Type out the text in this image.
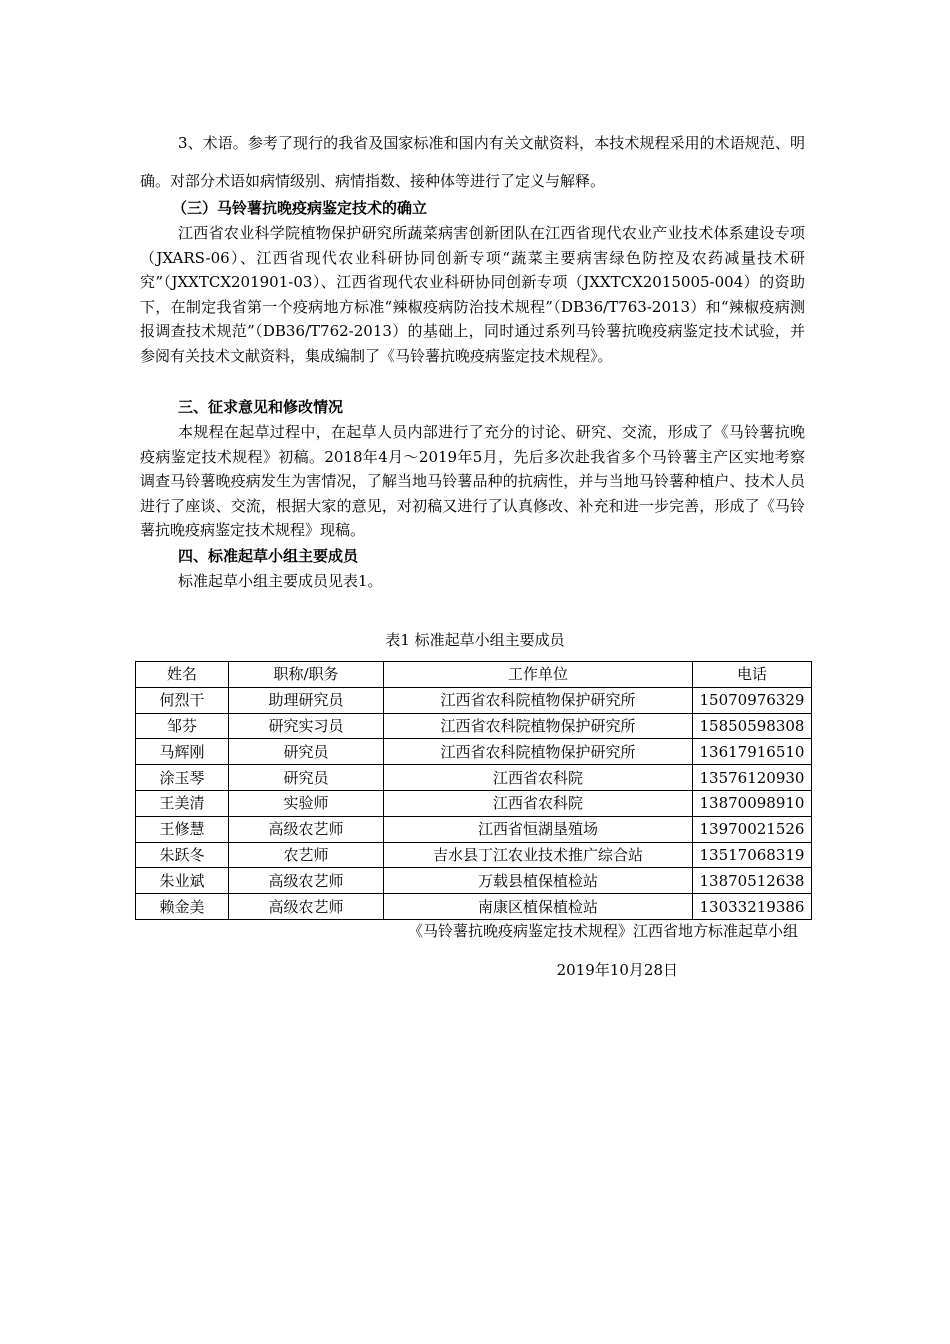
3、术语。参考了现行的我省及国家标准和国内有关文献资料，本技术规程采用的术语规范、明确。对部分术语如病情级别、病情指数、接种体等进行了定义与解释。

（三）马铃薯抗晚疫病鉴定技术的确立

江西省农业科学院植物保护研究所蔬菜病害创新团队在江西省现代农业产业技术体系建设专项（JXARS-06）、江西省现代农业科研协同创新专项“蔬菜主要病害绿色防控及农药减量技术研究”（JXXTCX201901-03）、江西省现代农业科研协同创新专项（JXXTCX2015005-004）的资助下，在制定我省第一个疫病地方标准“辣椒疫病防治技术规程”（DB36/T763-2013）和“辣椒疫病测报调查技术规范”（DB36/T762-2013）的基础上，同时通过系列马铃薯抗晚疫病鉴定技术试验，并参阅有关技术文献资料，集成编制了《马铃薯抗晚疫病鉴定技术规程》。

三、征求意见和修改情况

本规程在起草过程中，在起草人员内部进行了充分的讨论、研究、交流，形成了《马铃薯抗晚疫病鉴定技术规程》初稿。2018年4月～2019年5月，先后多次赴我省多个马铃薯主产区实地考察调查马铃薯晚疫病发生为害情况，了解当地马铃薯品种的抗病性，并与当地马铃薯种植户、技术人员进行了座谈、交流，根据大家的意见，对初稿又进行了认真修改、补充和进一步完善，形成了《马铃薯抗晚疫病鉴定技术规程》现稿。

四、标准起草小组主要成员

标准起草小组主要成员见表1。

表1 标准起草小组主要成员
姓名	职称/职务	工作单位	电话
何烈干	助理研究员	江西省农科院植物保护研究所	15070976329
邹芬	研究实习员	江西省农科院植物保护研究所	15850598308
马辉刚	研究员	江西省农科院植物保护研究所	13617916510
涂玉琴	研究员	江西省农科院	13576120930
王美清	实验师	江西省农科院	13870098910
王修慧	高级农艺师	江西省恒湖垦殖场	13970021526
朱跃冬	农艺师	吉水县丁江农业技术推广综合站	13517068319
朱业斌	高级农艺师	万载县植保植检站	13870512638
赖金美	高级农艺师	南康区植保植检站	13033219386
《马铃薯抗晚疫病鉴定技术规程》江西省地方标准起草小组
2019年10月28日
